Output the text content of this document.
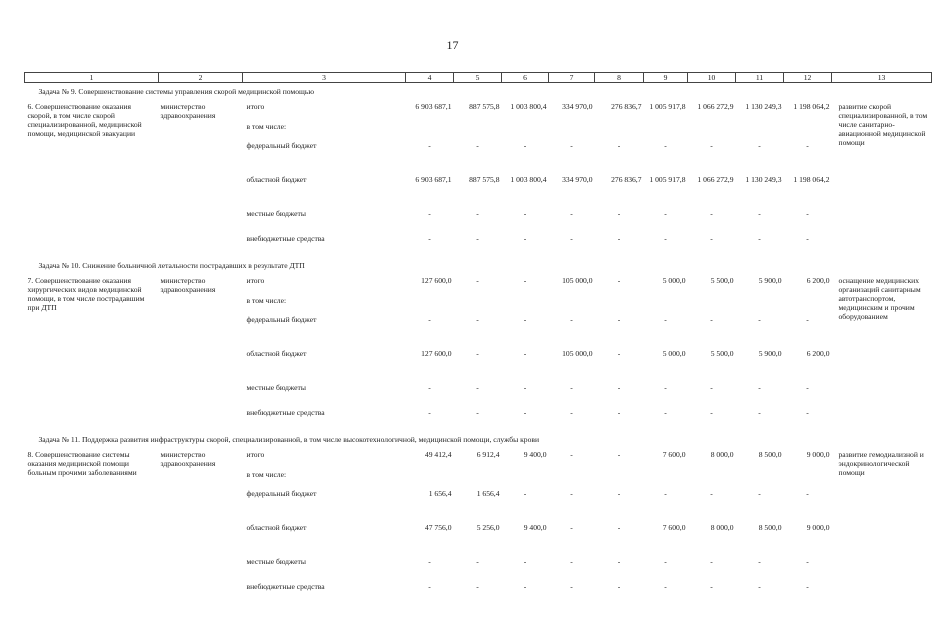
17
1	2	3	4	5	6	7	8	9	10	11	12	13
Задача № 9. Совершенствование системы управления скорой медицинской помощью												
6. Совершенствование оказания скорой, в том числе скорой специализированной, медицинской помощи, медицинской эвакуации	министерство здравоохранения	итого	6 903 687,1	887 575,8	1 003 800,4	334 970,0	276 836,7	1 005 917,8	1 066 272,9	1 130 249,3	1 198 064,2	развитие скорой специализированной, в том числе санитарно-авиационной медицинской помощи
		в том числе:										
		федеральный бюджет	-	-	-	-	-	-	-	-	-	
		областной бюджет	6 903 687,1	887 575,8	1 003 800,4	334 970,0	276 836,7	1 005 917,8	1 066 272,9	1 130 249,3	1 198 064,2	
		местные бюджеты	-	-	-	-	-	-	-	-	-	
		внебюджетные средства	-	-	-	-	-	-	-	-	-	
Задача № 10. Снижение больничной летальности пострадавших в результате ДТП												
7. Совершенствование оказания хирургических видов медицинской помощи, в том числе пострадавшим при ДТП	министерство здравоохранения	итого	127 600,0	-	-	105 000,0	-	5 000,0	5 500,0	5 900,0	6 200,0	оснащение медицинских организаций санитарным автотранспортом, медицинским и прочим оборудованием
		в том числе:										
		федеральный бюджет	-	-	-	-	-	-	-	-	-	
		областной бюджет	127 600,0	-	-	105 000,0	-	5 000,0	5 500,0	5 900,0	6 200,0	
		местные бюджеты	-	-	-	-	-	-	-	-	-	
		внебюджетные средства	-	-	-	-	-	-	-	-	-	
Задача № 11. Поддержка развития инфраструктуры скорой, специализированной, в том числе высокотехнологичной, медицинской помощи, службы крови												
8. Совершенствование системы оказания медицинской помощи больным прочими заболеваниями	министерство здравоохранения	итого	49 412,4	6 912,4	9 400,0	-	-	7 600,0	8 000,0	8 500,0	9 000,0	развитие гемодиализной и эндокринологической помощи
		в том числе:										
		федеральный бюджет	1 656,4	1 656,4	-	-	-	-	-	-	-	
		областной бюджет	47 756,0	5 256,0	9 400,0	-	-	7 600,0	8 000,0	8 500,0	9 000,0	
		местные бюджеты	-	-	-	-	-	-	-	-	-	
		внебюджетные средства	-	-	-	-	-	-	-	-	-	
